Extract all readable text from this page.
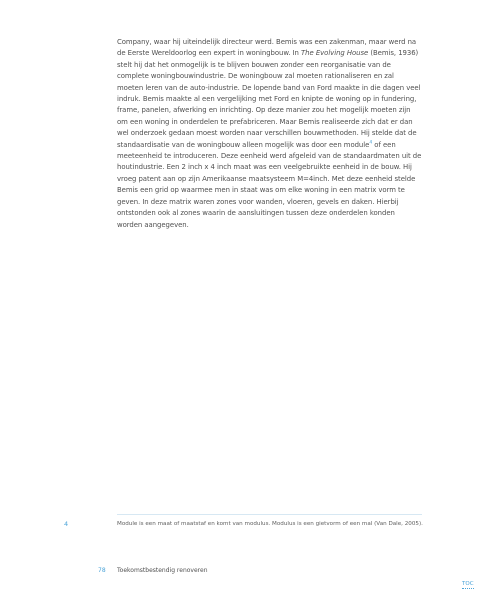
Company, waar hij uiteindelijk directeur werd. Bemis was een zakenman, maar werd na de Eerste Wereldoorlog een expert in woningbouw. In The Evolving House (Bemis, 1936) stelt hij dat het onmogelijk is te blijven bouwen zonder een reorganisatie van de complete woningbouwindustrie. De woningbouw zal moeten rationaliseren en zal moeten leren van de auto-industrie. De lopende band van Ford maakte in die dagen veel indruk. Bemis maakte al een vergelijking met Ford en knipte de woning op in fundering, frame, panelen, afwerking en inrichting. Op deze manier zou het mogelijk moeten zijn om een woning in onderdelen te prefabriceren. Maar Bemis realiseerde zich dat er dan wel onderzoek gedaan moest worden naar verschillen bouwmethoden. Hij stelde dat de standaardisatie van de woningbouw alleen mogelijk was door een module$^4$ of een meeteenheid te introduceren. Deze eenheid werd afgeleid van de standaardmaten uit de houtindustrie. Een 2 inch x 4 inch maat was een veelgebruikte eenheid in de bouw. Hij vroeg patent aan op zijn Amerikaanse maatsysteem M=4inch. Met deze eenheid stelde Bemis een grid op waarmee men in staat was om elke woning in een matrix vorm te geven. In deze matrix waren zones voor wanden, vloeren, gevels en daken. Hierbij ontstonden ook al zones waarin de aansluitingen tussen deze onderdelen konden worden aangegeven.

4	Module is een maat of maatstaf en komt van modulus. Modulus is een gietvorm of een mal (Van Dale, 2005).
78 Toekomstbestendig renoveren
TOC
